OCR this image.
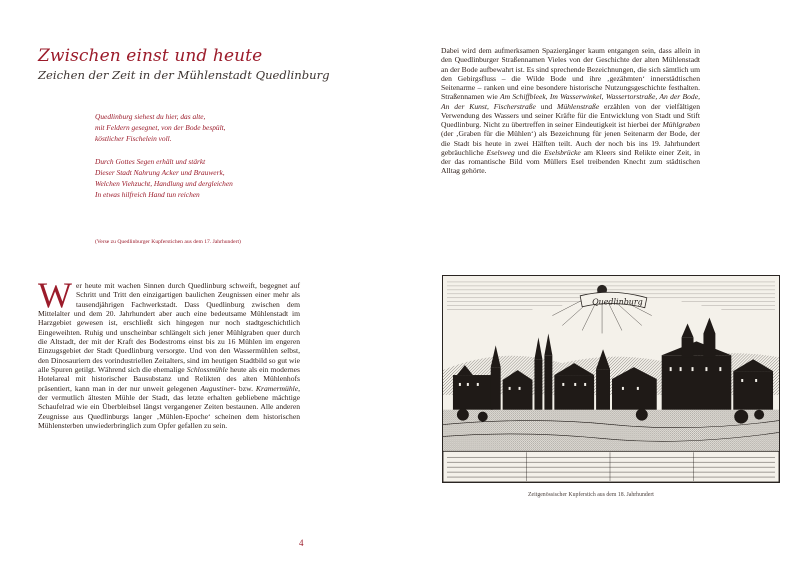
Zwischen einst und heute
Zeichen der Zeit in der Mühlenstadt Quedlinburg

Quedlinburg siehest du hier, das alte,
mit Feldern gesegnet, von der Bode bespült,
köstlicher Fischelein voll.

Durch Gottes Segen erhält und stärkt
Dieser Stadt Nahrung Acker und Brauwerk,
Welchen Viehzucht, Handlung und dergleichen
In etwas hilfreich Hand tun reichen

(Verse zu Quedlinburger Kupferstichen aus dem 17. Jahrhundert)

Wer heute mit wachen Sinnen durch Quedlinburg schweift, begegnet auf Schritt und Tritt den einzigartigen baulichen Zeugnissen einer mehr als tausendjährigen Fachwerkstadt. Dass Quedlinburg zwischen dem Mittelalter und dem 20. Jahrhundert aber auch eine bedeutsame Mühlenstadt im Harzgebiet gewesen ist, erschließt sich hingegen nur noch stadtgeschichtlich Eingeweihten. Ruhig und unscheinbar schlängelt sich jener Mühlgraben quer durch die Altstadt, der mit der Kraft des Bodestroms einst bis zu 16 Mühlen im engeren Einzugsgebiet der Stadt Quedlinburg versorgte. Und von den Wassermühlen selbst, den Dinosauriern des vorindustriellen Zeitalters, sind im heutigen Stadtbild so gut wie alle Spuren getilgt. Während sich die ehemalige Schlossmühle heute als ein modernes Hotelareal mit historischer Bausubstanz und Relikten des alten Mühlenhofs präsentiert, kann man in der nur unweit gelegenen Augustiner- bzw. Kramermühle, der vermutlich ältesten Mühle der Stadt, das letzte erhalten gebliebene mächtige Schaufelrad wie ein Überbleibsel längst vergangener Zeiten bestaunen. Alle anderen Zeugnisse aus Quedlinburgs langer ‚Mühlen-Epoche‘ scheinen dem historischen Mühlensterben unwiederbringlich zum Opfer gefallen zu sein.

4

Dabei wird dem aufmerksamen Spaziergänger kaum entgangen sein, dass allein in den Quedlinburger Straßennamen Vieles von der Geschichte der alten Mühlenstadt an der Bode aufbewahrt ist. Es sind sprechende Bezeichnungen, die sich sämtlich um den Gebirgsfluss – die Wilde Bode und ihre ‚gezähmten‘ innerstädtischen Seitenarme – ranken und eine besondere historische Nutzungsgeschichte festhalten. Straßennamen wie Am Schiffbleek, Im Wasserwinkel, Wassertorstraße, An der Bode, An der Kunst, Fischerstraße und Mühlenstraße erzählen von der vielfältigen Verwendung des Wassers und seiner Kräfte für die Entwicklung von Stadt und Stift Quedlinburg. Nicht zu übertreffen in seiner Eindeutigkeit ist hierbei der Mühlgraben (der ‚Graben für die Mühlen‘) als Bezeichnung für jenen Seitenarm der Bode, der die Stadt bis heute in zwei Hälften teilt. Auch der noch bis ins 19. Jahrhundert gebräuchliche Eselsweg und die Eselsbrücke am Kleers sind Relikte einer Zeit, in der das romantische Bild vom Müllers Esel treibenden Knecht zum städtischen Alltag gehörte.

Quedlinburg
Zeitgenössischer Kupferstich aus dem 18. Jahrhundert
